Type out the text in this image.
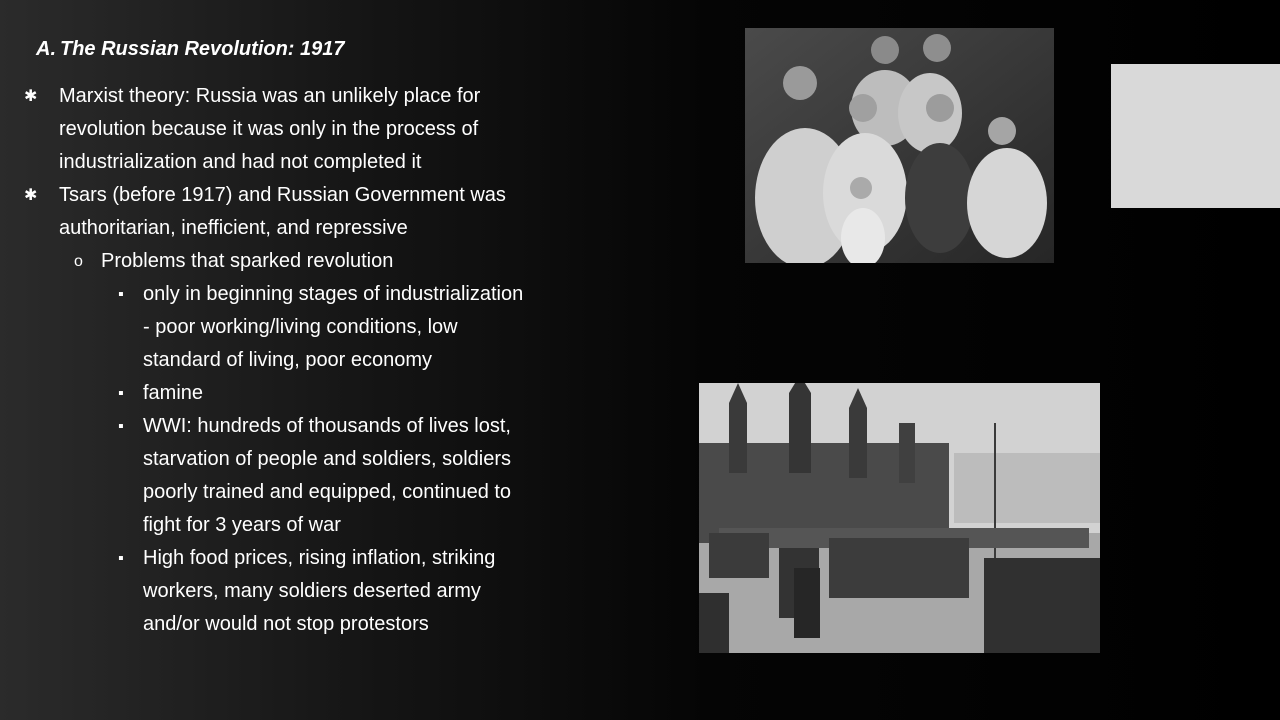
A. The Russian Revolution: 1917
✱ Marxist theory: Russia was an unlikely place for
revolution because it was only in the process of
industrialization and had not completed it
✱ Tsars (before 1917) and Russian Government was
authoritarian, inefficient, and repressive
o Problems that sparked revolution
▪ only in beginning stages of industrialization
- poor working/living conditions, low
standard of living, poor economy
▪ famine
▪ WWI: hundreds of thousands of lives lost,
starvation of people and soldiers, soldiers
poorly trained and equipped, continued to
fight for 3 years of war
▪ High food prices, rising inflation, striking
workers, many soldiers deserted army
and/or would not stop protestors
